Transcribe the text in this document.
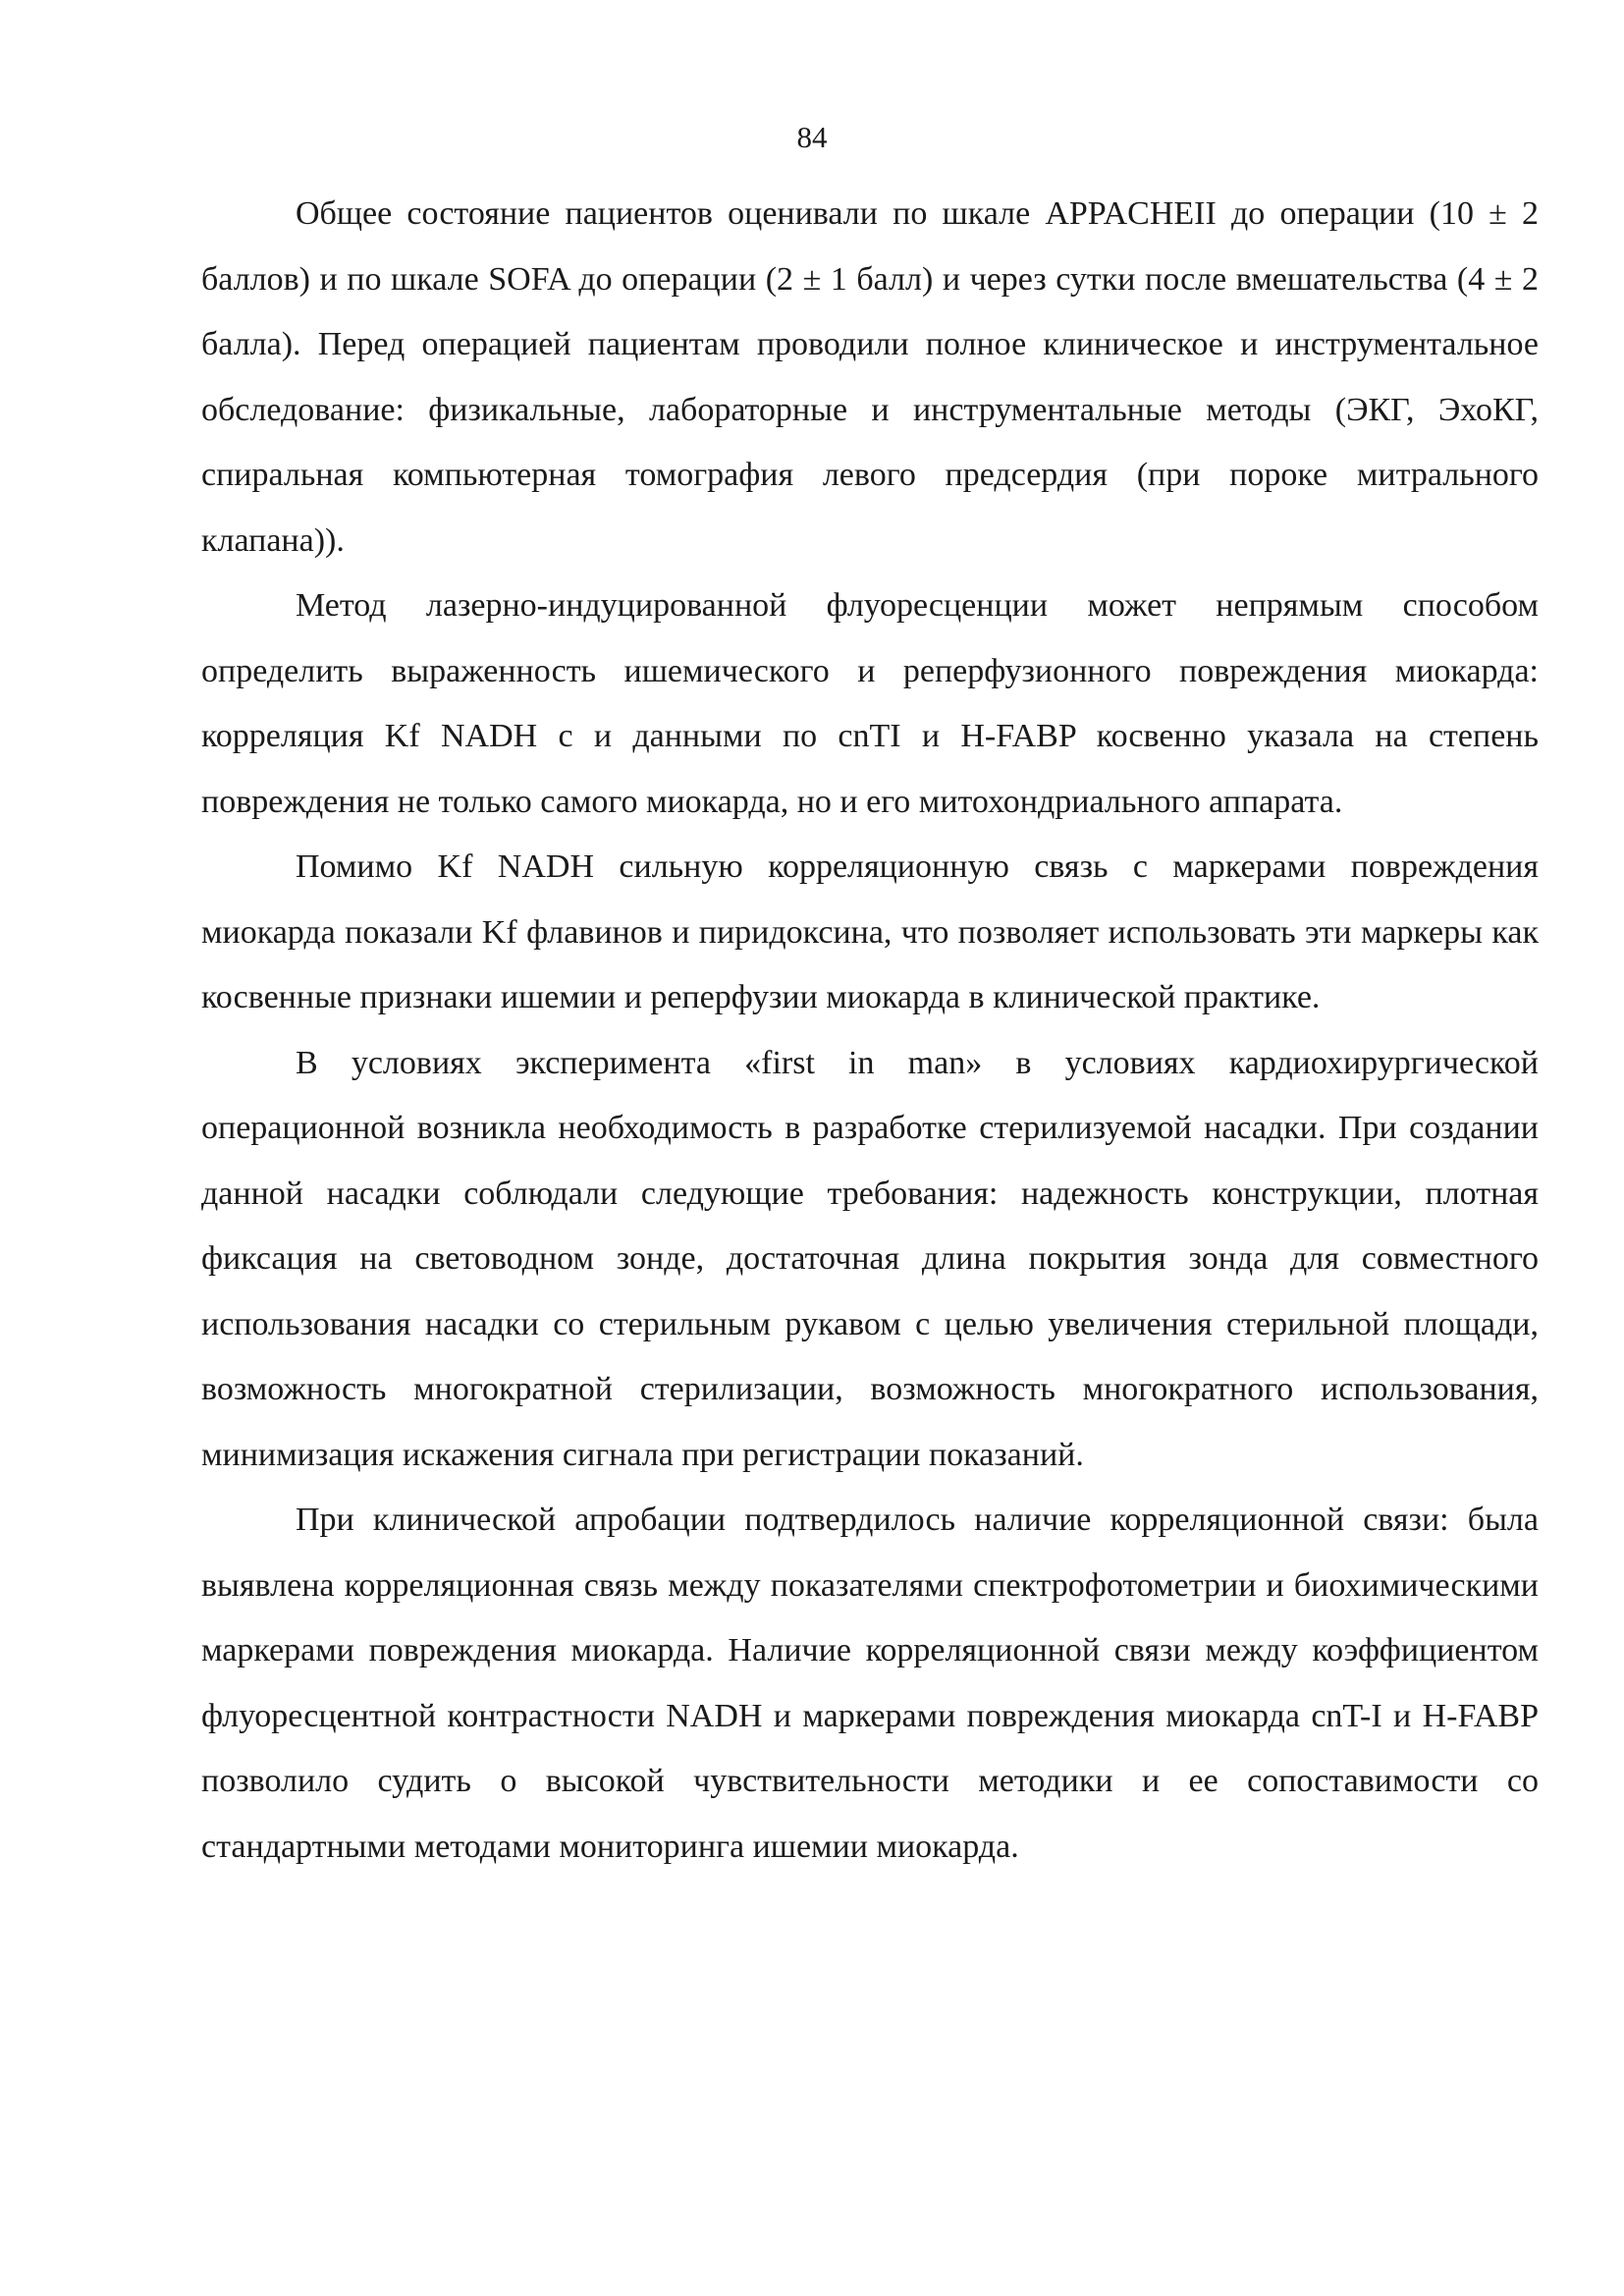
84

Общее состояние пациентов оценивали по шкале APPACHEII до операции (10 ± 2 баллов) и по шкале SOFA до операции (2 ± 1 балл) и через сутки после вмешательства (4 ± 2 балла). Перед операцией пациентам проводили полное клиническое и инструментальное обследование: физикальные, лабораторные и инструментальные методы (ЭКГ, ЭхоКГ, спиральная компьютерная томография левого предсердия (при пороке митрального клапана)).

Метод лазерно-индуцированной флуоресценции может непрямым способом определить выраженность ишемического и реперфузионного повреждения миокарда: корреляция Kf NADH с и данными по cnTI и H-FABP косвенно указала на степень повреждения не только самого миокарда, но и его митохондриального аппарата.

Помимо Kf NADH сильную корреляционную связь с маркерами повреждения миокарда показали Kf флавинов и пиридоксина, что позволяет использовать эти маркеры как косвенные признаки ишемии и реперфузии миокарда в клинической практике.

В условиях эксперимента «first in man» в условиях кардиохирургической операционной возникла необходимость в разработке стерилизуемой насадки. При создании данной насадки соблюдали следующие требования: надежность конструкции, плотная фиксация на световодном зонде, достаточная длина покрытия зонда для совместного использования насадки со стерильным рукавом с целью увеличения стерильной площади, возможность многократной стерилизации, возможность многократного использования, минимизация искажения сигнала при регистрации показаний.

При клинической апробации подтвердилось наличие корреляционной связи: была выявлена корреляционная связь между показателями спектрофотометрии и биохимическими маркерами повреждения миокарда. Наличие корреляционной связи между коэффициентом флуоресцентной контрастности NADH и маркерами повреждения миокарда cnT-I и H-FABP позволило судить о высокой чувствительности методики и ее сопоставимости со стандартными методами мониторинга ишемии миокарда.
